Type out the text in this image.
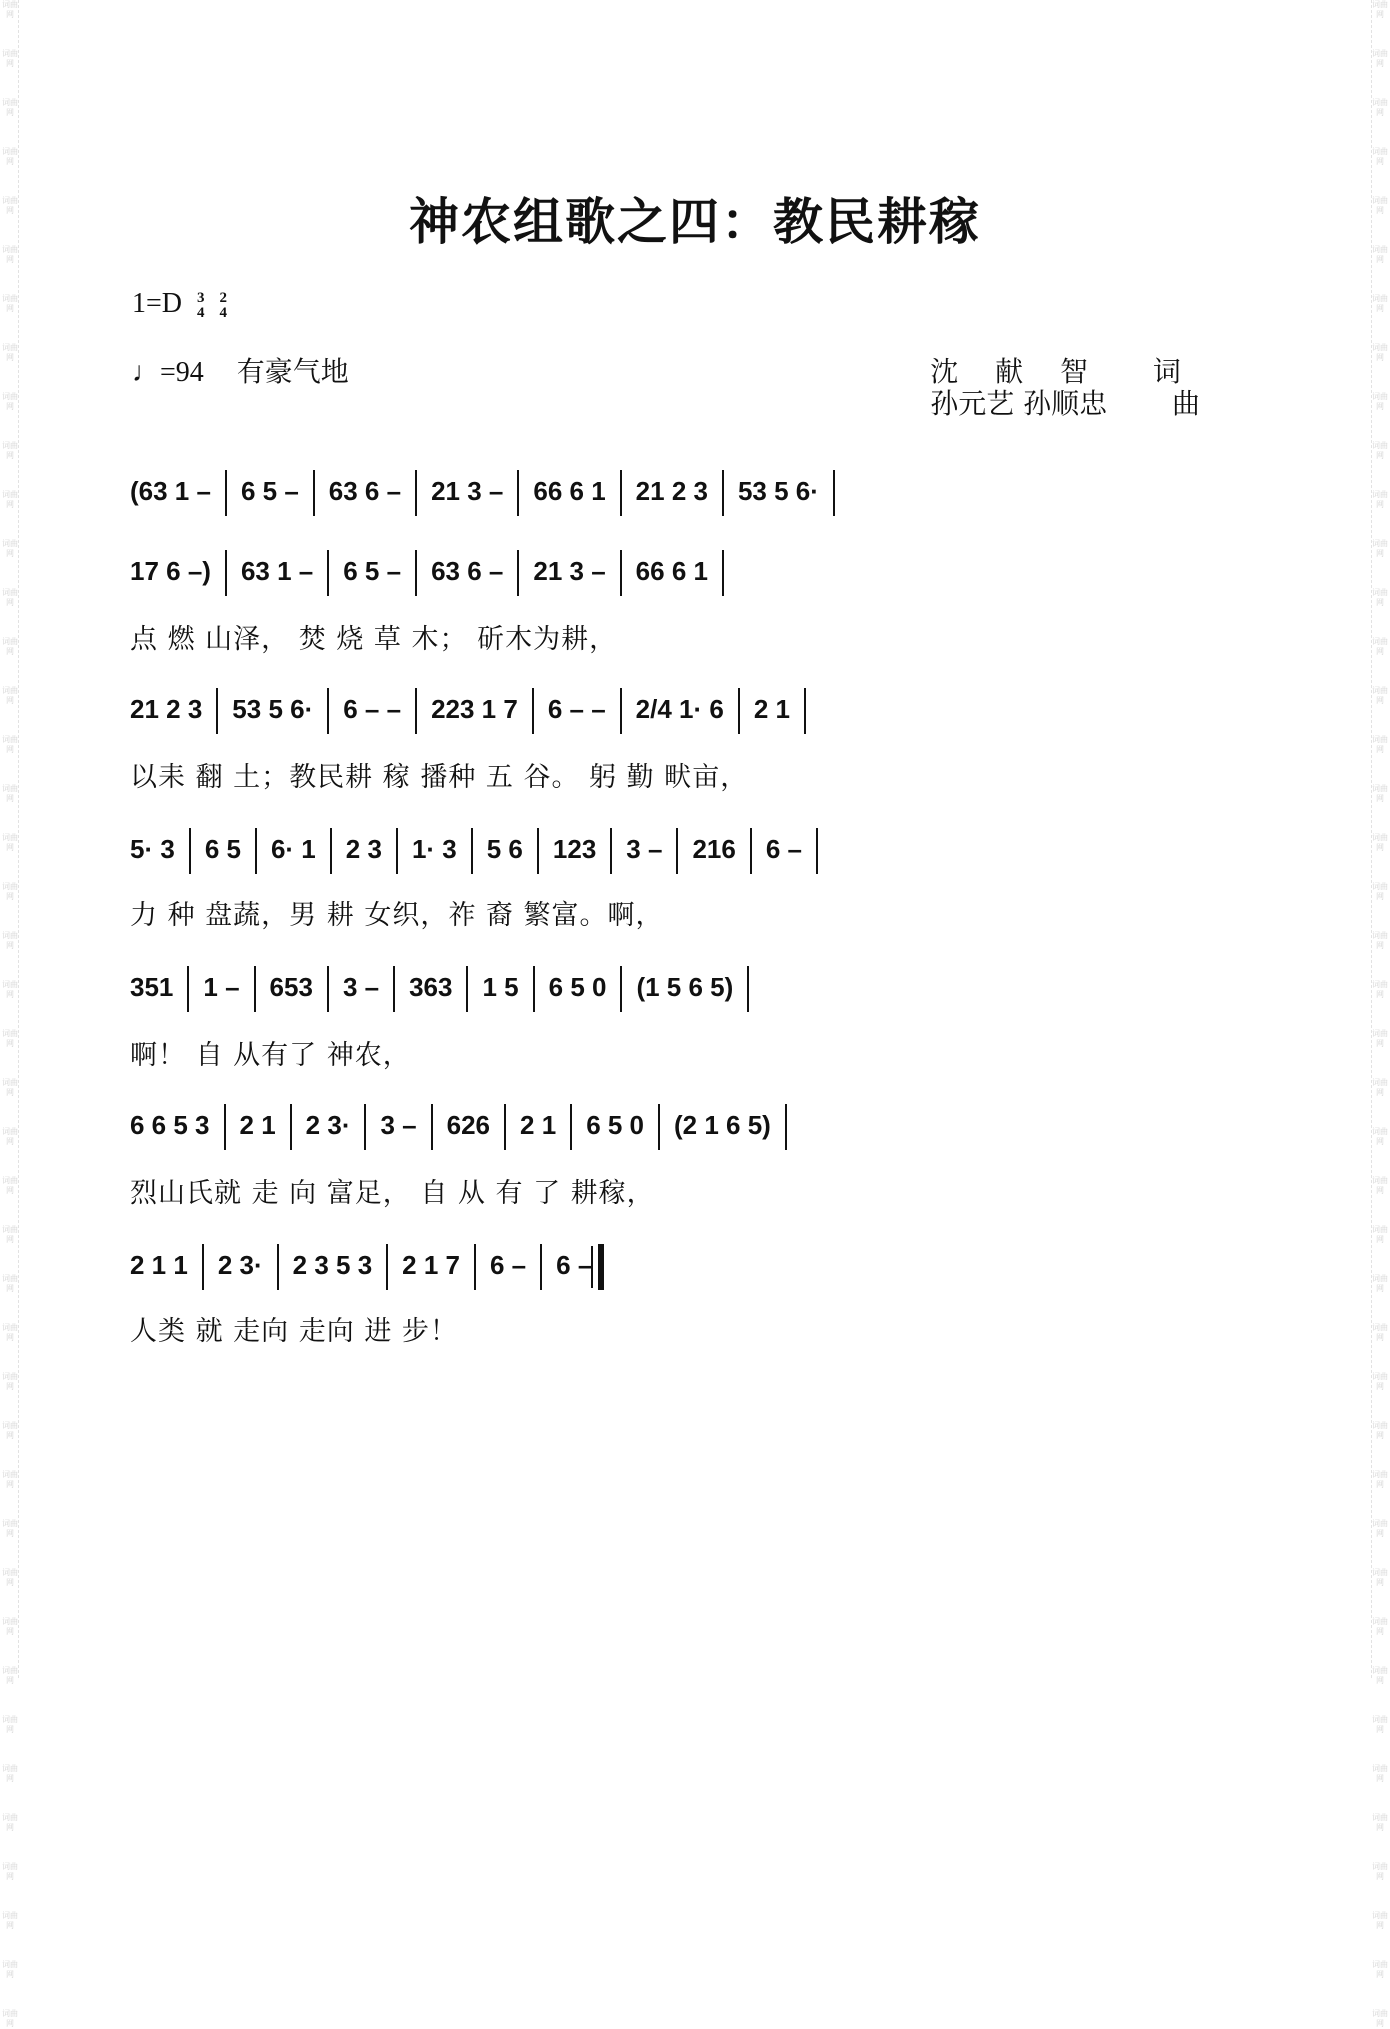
词曲网
词曲网
词曲网
词曲网
词曲网
词曲网
词曲网
词曲网
词曲网
词曲网
词曲网
词曲网
词曲网
词曲网
词曲网
词曲网
词曲网
词曲网
词曲网
词曲网
词曲网
词曲网
词曲网
词曲网
词曲网
词曲网
词曲网
词曲网
词曲网
词曲网
词曲网
词曲网
词曲网
词曲网
词曲网
词曲网
词曲网
词曲网
词曲网
词曲网
词曲网
词曲网
词曲网
词曲网
词曲网
词曲网
词曲网
词曲网
词曲网
词曲网
词曲网
词曲网
词曲网
词曲网
词曲网
词曲网
词曲网
词曲网
词曲网
词曲网
词曲网
词曲网
词曲网
词曲网
词曲网
词曲网
词曲网
词曲网
词曲网
词曲网
词曲网
词曲网
词曲网
词曲网
词曲网
词曲网
词曲网
词曲网
词曲网
词曲网
词曲网
词曲网
词曲网
词曲网
神农组歌之四：教民耕稼
1=D 3
4 2
4
♩=94 有豪气地	沈　 献 　智　　 词
孙元艺 孙顺忠　　 曲
(63 1 – 6 5 – 63 6 – 21 3 – 66 6 1 21 2 3 53 5 6·
17 6 –) 63 1 – 6 5 – 63 6 – 21 3 – 66 6 1
点 燃 山泽， 焚 烧 草 木； 斫木为耕，
21 2 3 53 5 6· 6 – – 223 1 7 6 – – 2/4 1· 6 2 1
以耒 翻 土；教民耕 稼 播种 五 谷。 躬 勤 畎亩，
5· 3 6 5 6· 1 2 3 1· 3 5 6 123 3 – 216 6 –
力 种 盘蔬，男 耕 女织，祚 裔 繁富。啊，
351 1 – 653 3 – 363 1 5 6 5 0 (1 5 6 5)
啊！ 自 从有了 神农，
6 6 5 3 2 1 2 3· 3 – 626 2 1 6 5 0 (2 1 6 5)
烈山氏就 走 向 富足， 自 从 有 了 耕稼，
2 1 1 2 3· 2 3 5 3 2 1 7 6 – 6 –
人类 就 走向 走向 进 步！
